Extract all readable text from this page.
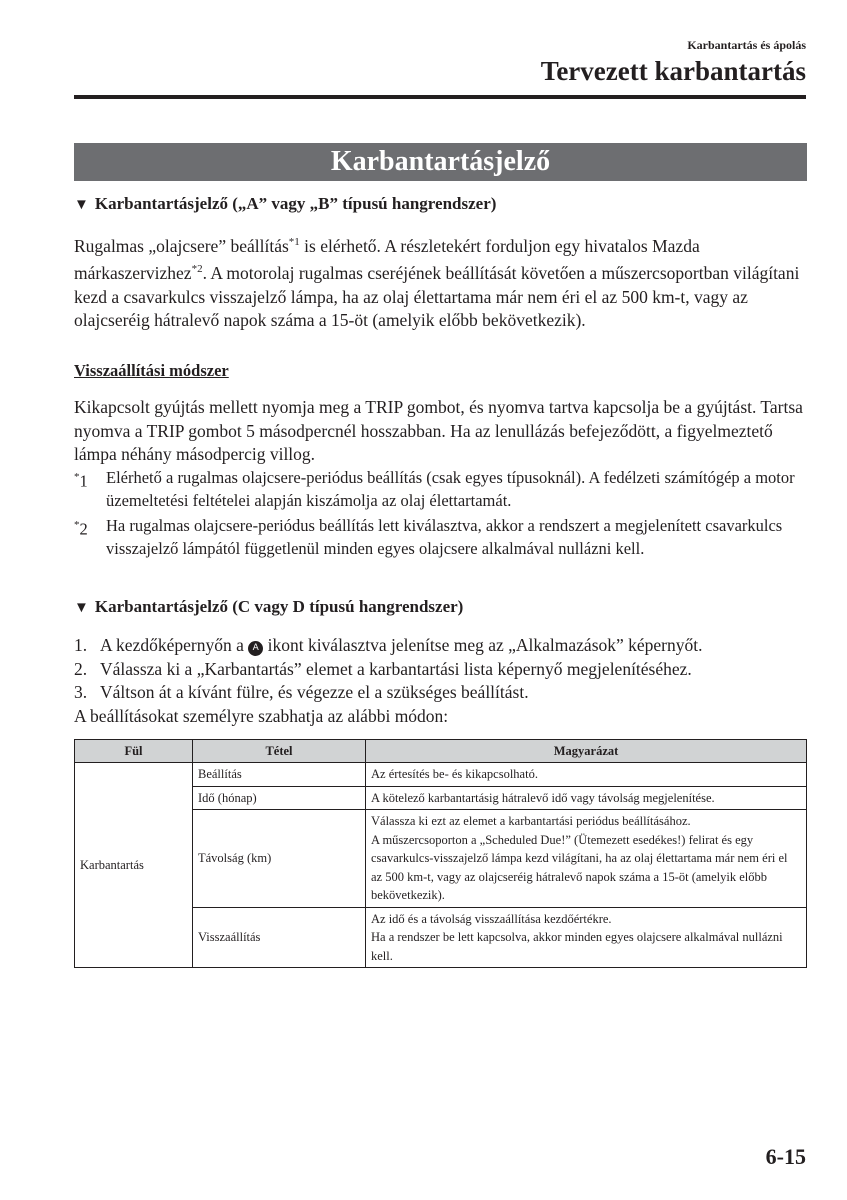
Karbantartás és ápolás
Tervezett karbantartás
Karbantartásjelző
▼ Karbantartásjelző („A” vagy „B” típusú hangrendszer)
Rugalmas „olajcsere” beállítás$^{*1}$ is elérhető. A részletekért forduljon egy hivatalos Mazda márkaszervizhez$^{*2}$. A motorolaj rugalmas cseréjének beállítását követően a műszercsoportban világítani kezd a csavarkulcs visszajelző lámpa, ha az olaj élettartama már nem éri el az 500 km-t, vagy az olajcseréig hátralevő napok száma a 15-öt (amelyik előbb bekövetkezik).
Visszaállítási módszer
Kikapcsolt gyújtás mellett nyomja meg a TRIP gombot, és nyomva tartva kapcsolja be a gyújtást. Tartsa nyomva a TRIP gombot 5 másodpercnél hosszabban. Ha az lenullázás befejeződött, a figyelmeztető lámpa néhány másodpercig villog.
*1 Elérhető a rugalmas olajcsere-periódus beállítás (csak egyes típusoknál). A fedélzeti számítógép a motor üzemeltetési feltételei alapján kiszámolja az olaj élettartamát.
*2 Ha rugalmas olajcsere-periódus beállítás lett kiválasztva, akkor a rendszert a megjelenített csavarkulcs visszajelző lámpától függetlenül minden egyes olajcsere alkalmával nullázni kell.
▼ Karbantartásjelző (C vagy D típusú hangrendszer)
1. A kezdőképernyőn a A ikont kiválasztva jelenítse meg az „Alkalmazások” képernyőt.
2. Válassza ki a „Karbantartás” elemet a karbantartási lista képernyő megjelenítéséhez.
3. Váltson át a kívánt fülre, és végezze el a szükséges beállítást.
A beállításokat személyre szabhatja az alábbi módon:
Fül	Tétel	Magyarázat
Karbantartás	Beállítás	Az értesítés be- és kikapcsolható.
	Idő (hónap)	A kötelező karbantartásig hátralevő idő vagy távolság megjelenítése.
	Távolság (km)	Válassza ki ezt az elemet a karbantartási periódus beállításához.
A műszercsoporton a „Scheduled Due!” (Ütemezett esedékes!) felirat és egy csavarkulcs-visszajelző lámpa kezd világítani, ha az olaj élettartama már nem éri el az 500 km-t, vagy az olajcseréig hátralevő napok száma a 15-öt (amelyik előbb bekövetkezik).

	Visszaállítás	Az idő és a távolság visszaállítása kezdőértékre.
Ha a rendszer be lett kapcsolva, akkor minden egyes olajcsere alkalmával nullázni kell.
6-15
